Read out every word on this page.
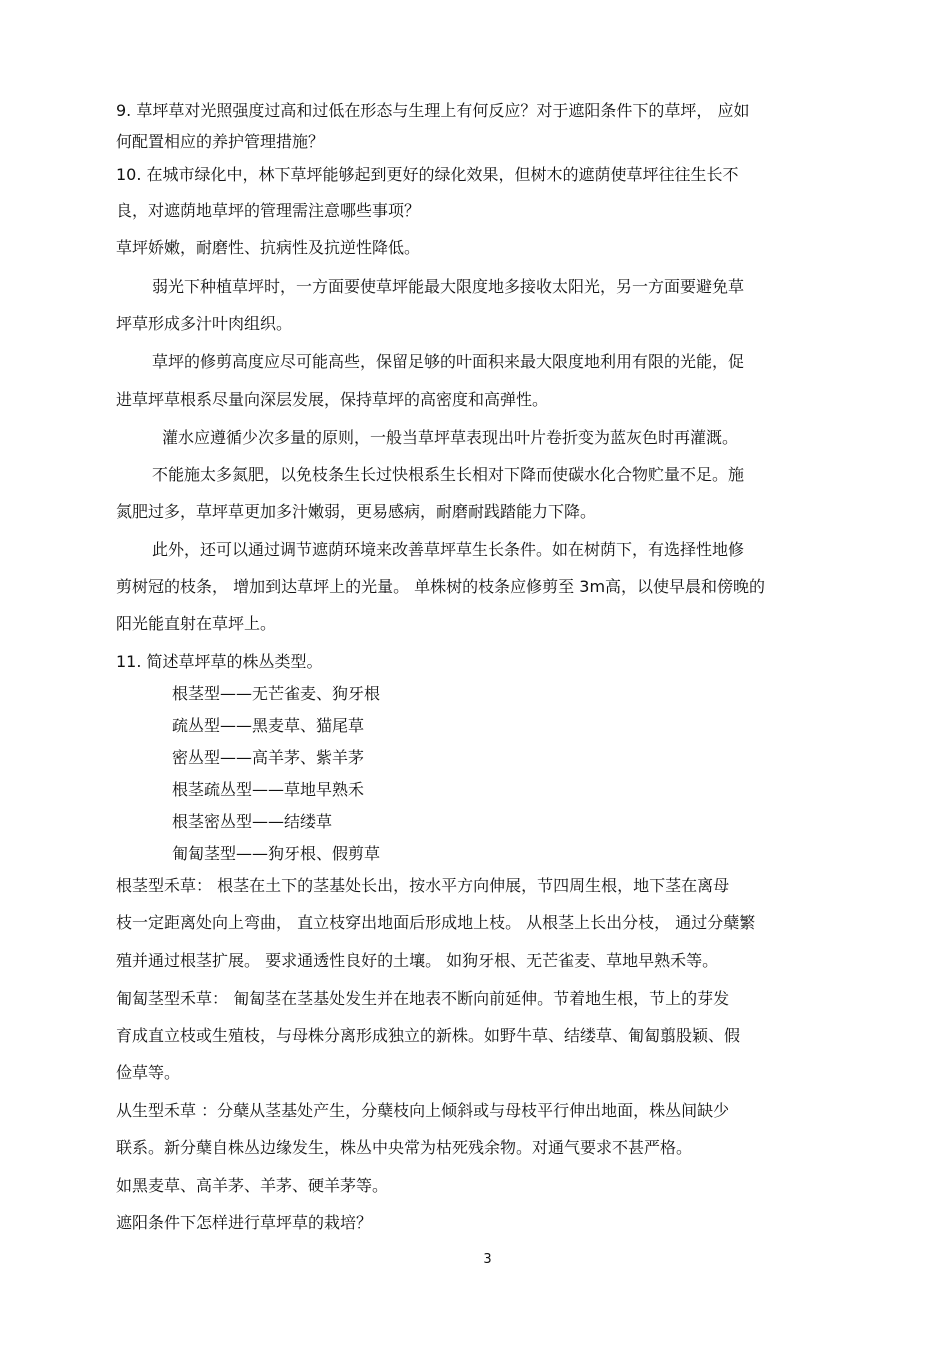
9. 草坪草对光照强度过高和过低在形态与生理上有何反应？对于遮阳条件下的草坪， 应如
何配置相应的养护管理措施？
10. 在城市绿化中，林下草坪能够起到更好的绿化效果，但树木的遮荫使草坪往往生长不
良，对遮荫地草坪的管理需注意哪些事项？
草坪娇嫩，耐磨性、抗病性及抗逆性降低。
弱光下种植草坪时，一方面要使草坪能最大限度地多接收太阳光，另一方面要避免草
坪草形成多汁叶肉组织。
草坪的修剪高度应尽可能高些，保留足够的叶面积来最大限度地利用有限的光能，促
进草坪草根系尽量向深层发展，保持草坪的高密度和高弹性。
灌水应遵循少次多量的原则，一般当草坪草表现出叶片卷折变为蓝灰色时再灌溉。
不能施太多氮肥，以免枝条生长过快根系生长相对下降而使碳水化合物贮量不足。施
氮肥过多，草坪草更加多汁嫩弱，更易感病，耐磨耐践踏能力下降。
此外，还可以通过调节遮荫环境来改善草坪草生长条件。如在树荫下，有选择性地修
剪树冠的枝条， 增加到达草坪上的光量。 单株树的枝条应修剪至 3m高，以使早晨和傍晚的
阳光能直射在草坪上。
11. 简述草坪草的株丛类型。
根茎型——无芒雀麦、狗牙根
疏丛型——黑麦草、猫尾草
密丛型——高羊茅、紫羊茅
根茎疏丛型——草地早熟禾
根茎密丛型——结缕草
匍匐茎型——狗牙根、假剪草
根茎型禾草： 根茎在土下的茎基处长出，按水平方向伸展，节四周生根，地下茎在离母
枝一定距离处向上弯曲， 直立枝穿出地面后形成地上枝。 从根茎上长出分枝， 通过分蘖繁
殖并通过根茎扩展。 要求通透性良好的土壤。 如狗牙根、无芒雀麦、草地早熟禾等。
匍匐茎型禾草： 匍匐茎在茎基处发生并在地表不断向前延伸。节着地生根，节上的芽发
育成直立枝或生殖枝，与母株分离形成独立的新株。如野牛草、结缕草、匍匐翦股颖、假
俭草等。
从生型禾草 ：分蘖从茎基处产生，分蘖枝向上倾斜或与母枝平行伸出地面，株丛间缺少
联系。新分蘖自株丛边缘发生，株丛中央常为枯死残余物。对通气要求不甚严格。
如黑麦草、高羊茅、羊茅、硬羊茅等。
遮阳条件下怎样进行草坪草的栽培？
3
